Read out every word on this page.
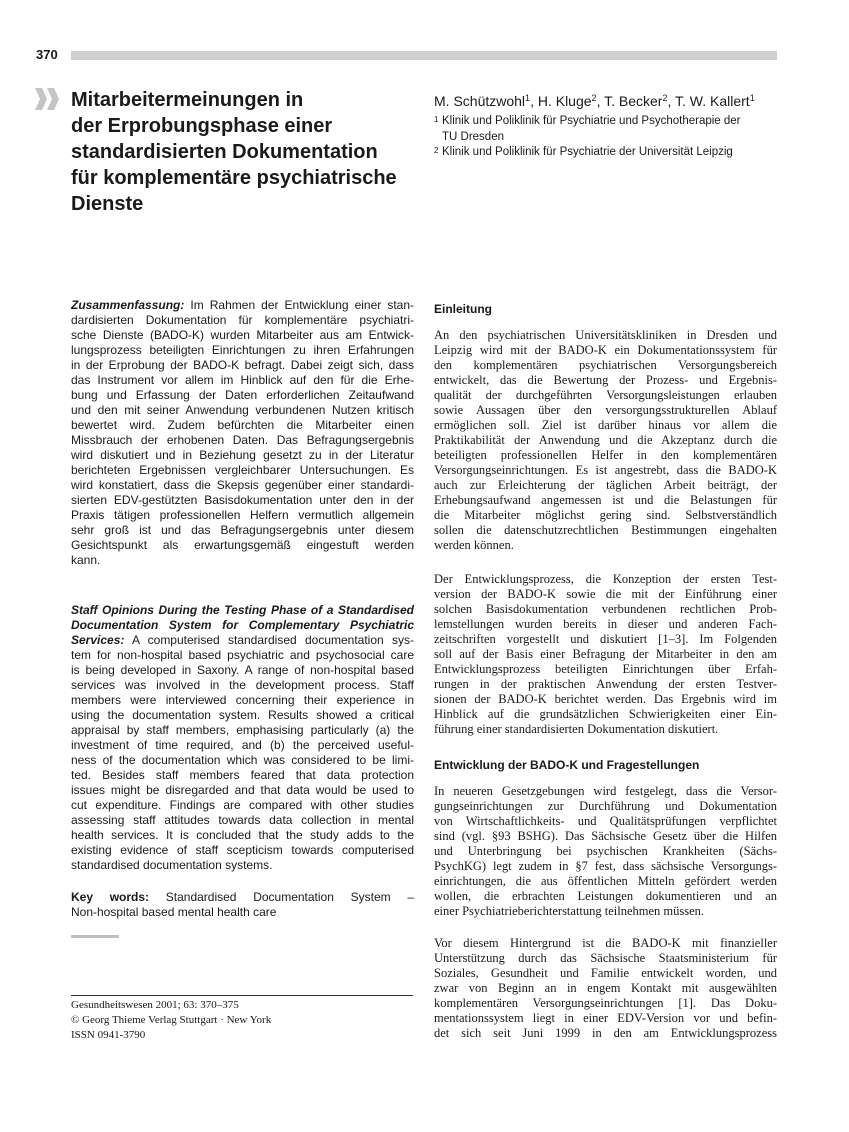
370
Mitarbeitermeinungen in
der Erprobungsphase einer
standardisierten Dokumentation
für komplementäre psychiatrische
Dienste
M. Schützwohl$^1$, H. Kluge$^2$, T. Becker$^2$, T. W. Kallert$^1$
1 Klinik und Poliklinik für Psychiatrie und Psychotherapie der
TU Dresden
2 Klinik und Poliklinik für Psychiatrie der Universität Leipzig
Zusammenfassung: Im Rahmen der Entwicklung einer stan-
dardisierten Dokumentation für komplementäre psychiatri-
sche Dienste (BADO-K) wurden Mitarbeiter aus am Entwick-
lungsprozess beteiligten Einrichtungen zu ihren Erfahrungen
in der Erprobung der BADO-K befragt. Dabei zeigt sich, dass
das Instrument vor allem im Hinblick auf den für die Erhe-
bung und Erfassung der Daten erforderlichen Zeitaufwand
und den mit seiner Anwendung verbundenen Nutzen kritisch
bewertet wird. Zudem befürchten die Mitarbeiter einen
Missbrauch der erhobenen Daten. Das Befragungsergebnis
wird diskutiert und in Beziehung gesetzt zu in der Literatur
berichteten Ergebnissen vergleichbarer Untersuchungen. Es
wird konstatiert, dass die Skepsis gegenüber einer standardi-
sierten EDV-gestützten Basisdokumentation unter den in der
Praxis tätigen professionellen Helfern vermutlich allgemein
sehr groß ist und das Befragungsergebnis unter diesem
Gesichtspunkt als erwartungsgemäß eingestuft werden
kann.
Staff Opinions During the Testing Phase of a Standardised
Documentation System for Complementary Psychiatric
Services: A computerised standardised documentation sys-
tem for non-hospital based psychiatric and psychosocial care
is being developed in Saxony. A range of non-hospital based
services was involved in the development process. Staff
members were interviewed concerning their experience in
using the documentation system. Results showed a critical
appraisal by staff members, emphasising particularly (a) the
investment of time required, and (b) the perceived useful-
ness of the documentation which was considered to be limi-
ted. Besides staff members feared that data protection
issues might be disregarded and that data would be used to
cut expenditure. Findings are compared with other studies
assessing staff attitudes towards data collection in mental
health services. It is concluded that the study adds to the
existing evidence of staff scepticism towards computerised
standardised documentation systems.
Key words: Standardised Documentation System –
Non-hospital based mental health care
Gesundheitswesen 2001; 63: 370–375
© Georg Thieme Verlag Stuttgart · New York
ISSN 0941-3790
Einleitung
An den psychiatrischen Universitätskliniken in Dresden und
Leipzig wird mit der BADO-K ein Dokumentationssystem für
den komplementären psychiatrischen Versorgungsbereich
entwickelt, das die Bewertung der Prozess- und Ergebnis-
qualität der durchgeführten Versorgungsleistungen erlauben
sowie Aussagen über den versorgungsstrukturellen Ablauf
ermöglichen soll. Ziel ist darüber hinaus vor allem die
Praktikabilität der Anwendung und die Akzeptanz durch die
beteiligten professionellen Helfer in den komplementären
Versorgungseinrichtungen. Es ist angestrebt, dass die BADO-K
auch zur Erleichterung der täglichen Arbeit beiträgt, der
Erhebungsaufwand angemessen ist und die Belastungen für
die Mitarbeiter möglichst gering sind. Selbstverständlich
sollen die datenschutzrechtlichen Bestimmungen eingehalten
werden können.
Der Entwicklungsprozess, die Konzeption der ersten Test-
version der BADO-K sowie die mit der Einführung einer
solchen Basisdokumentation verbundenen rechtlichen Prob-
lemstellungen wurden bereits in dieser und anderen Fach-
zeitschriften vorgestellt und diskutiert [1–3]. Im Folgenden
soll auf der Basis einer Befragung der Mitarbeiter in den am
Entwicklungsprozess beteiligten Einrichtungen über Erfah-
rungen in der praktischen Anwendung der ersten Testver-
sionen der BADO-K berichtet werden. Das Ergebnis wird im
Hinblick auf die grundsätzlichen Schwierigkeiten einer Ein-
führung einer standardisierten Dokumentation diskutiert.
Entwicklung der BADO-K und Fragestellungen
In neueren Gesetzgebungen wird festgelegt, dass die Versor-
gungseinrichtungen zur Durchführung und Dokumentation
von Wirtschaftlichkeits- und Qualitätsprüfungen verpflichtet
sind (vgl. §93 BSHG). Das Sächsische Gesetz über die Hilfen
und Unterbringung bei psychischen Krankheiten (Sächs-
PsychKG) legt zudem in §7 fest, dass sächsische Versorgungs-
einrichtungen, die aus öffentlichen Mitteln gefördert werden
wollen, die erbrachten Leistungen dokumentieren und an
einer Psychiatrieberichterstattung teilnehmen müssen.
Vor diesem Hintergrund ist die BADO-K mit finanzieller
Unterstützung durch das Sächsische Staatsministerium für
Soziales, Gesundheit und Familie entwickelt worden, und
zwar von Beginn an in engem Kontakt mit ausgewählten
komplementären Versorgungseinrichtungen [1]. Das Doku-
mentationssystem liegt in einer EDV-Version vor und befin-
det sich seit Juni 1999 in den am Entwicklungsprozess
